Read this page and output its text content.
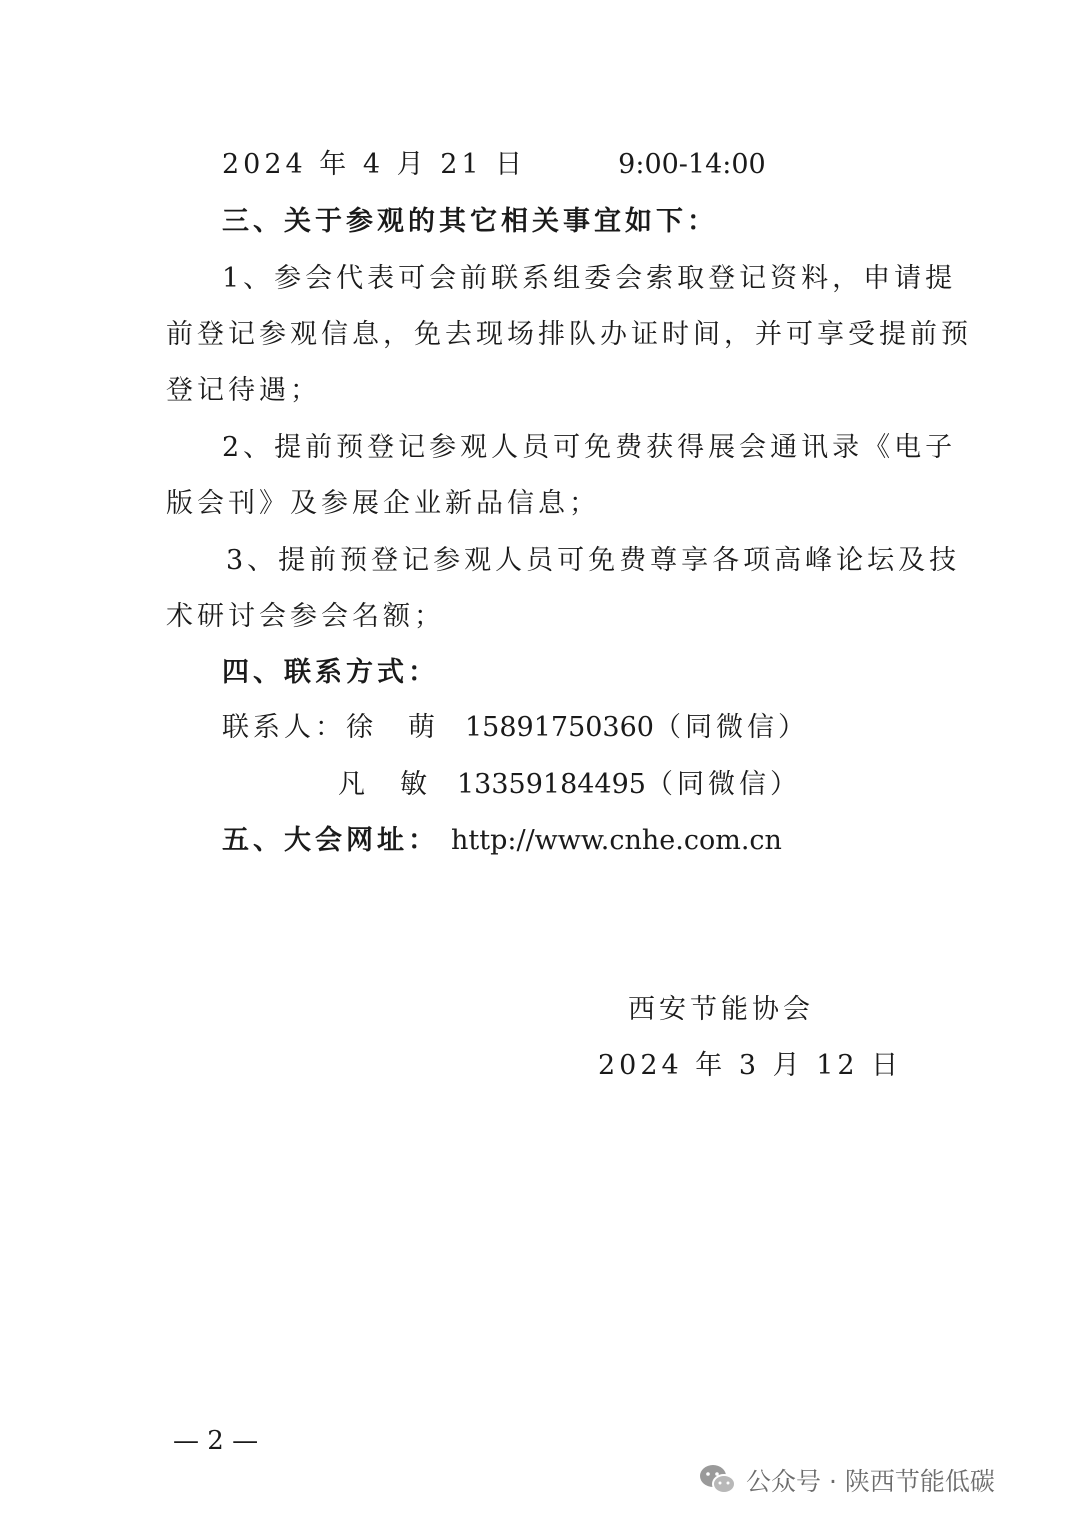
2024 年 4 月 21 日	9:00-14:00
三、关于参观的其它相关事宜如下：
1、参会代表可会前联系组委会索取登记资料，申请提
前登记参观信息，免去现场排队办证时间，并可享受提前预
登记待遇；
2、提前预登记参观人员可免费获得展会通讯录《电子
版会刊》及参展企业新品信息；
3、提前预登记参观人员可免费尊享各项高峰论坛及技
术研讨会参会名额；
四、联系方式：
联系人：徐　萌 15891750360（同微信）
凡　敏 13359184495（同微信）
五、大会网址： http://www.cnhe.com.cn
西安节能协会
2024 年 3 月 12 日
— 2 —
公众号 · 陕西节能低碳
